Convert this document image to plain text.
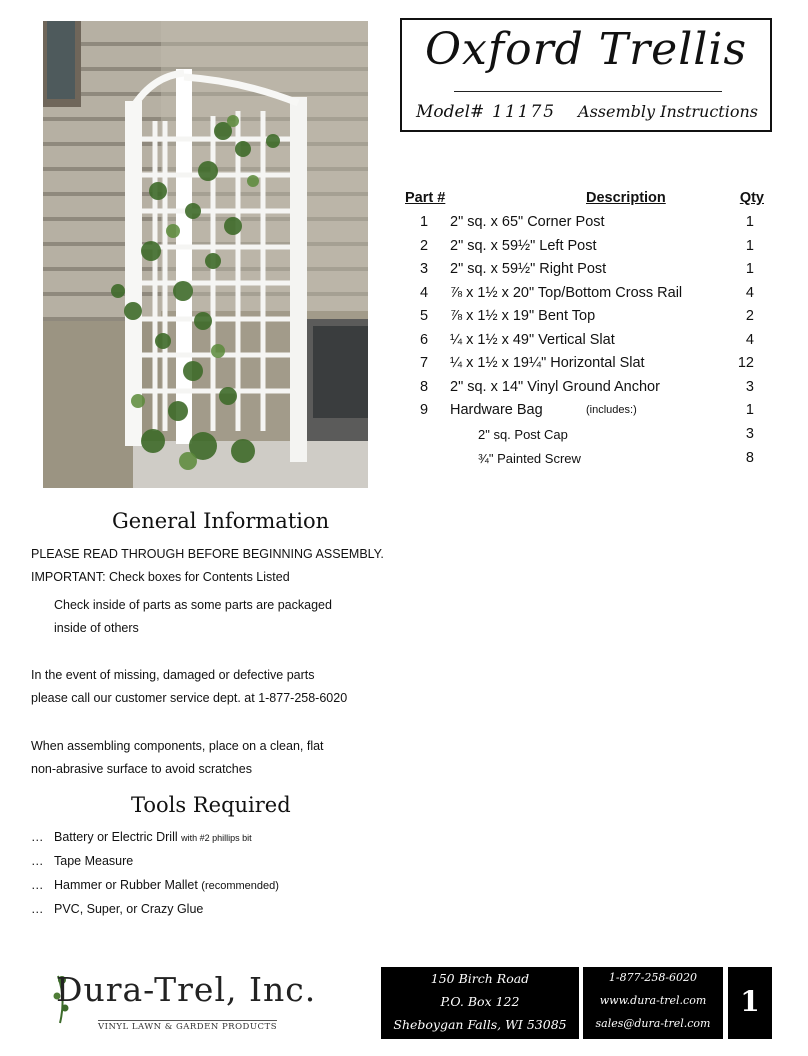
Oxford Trellis
Model# 11175 Assembly Instructions
Part #	Description	Qty
1 2" sq. x 65" Corner Post	1
2 2" sq. x 59½" Left Post	1
3 2" sq. x 59½" Right Post	1
4 ⅞ x 1½ x 20" Top/Bottom Cross Rail	4
5 ⅞ x 1½ x 19" Bent Top	2
6 ¼ x 1½ x 49" Vertical Slat	4
7 ¼ x 1½ x 19¼" Horizontal Slat	12
8 2" sq. x 14" Vinyl Ground Anchor	3
9 Hardware Bag	(includes:)	1
2" sq. Post Cap	3
¾" Painted Screw	8
General Information
PLEASE READ THROUGH BEFORE BEGINNING ASSEMBLY.
IMPORTANT: Check boxes for Contents Listed
Check inside of parts as some parts are packaged
inside of others
In the event of missing, damaged or defective parts
please call our customer service dept. at 1-877-258-6020
When assembling components, place on a clean, flat
non-abrasive surface to avoid scratches
Tools Required
… Battery or Electric Drill with #2 phillips bit
… Tape Measure
… Hammer or Rubber Mallet (recommended)
… PVC, Super, or Crazy Glue
Dura-Trel, Inc.
VINYL LAWN & GARDEN PRODUCTS
150 Birch Road
P.O. Box 122
Sheboygan Falls, WI 53085
1-877-258-6020
www.dura-trel.com
sales@dura-trel.com
1
